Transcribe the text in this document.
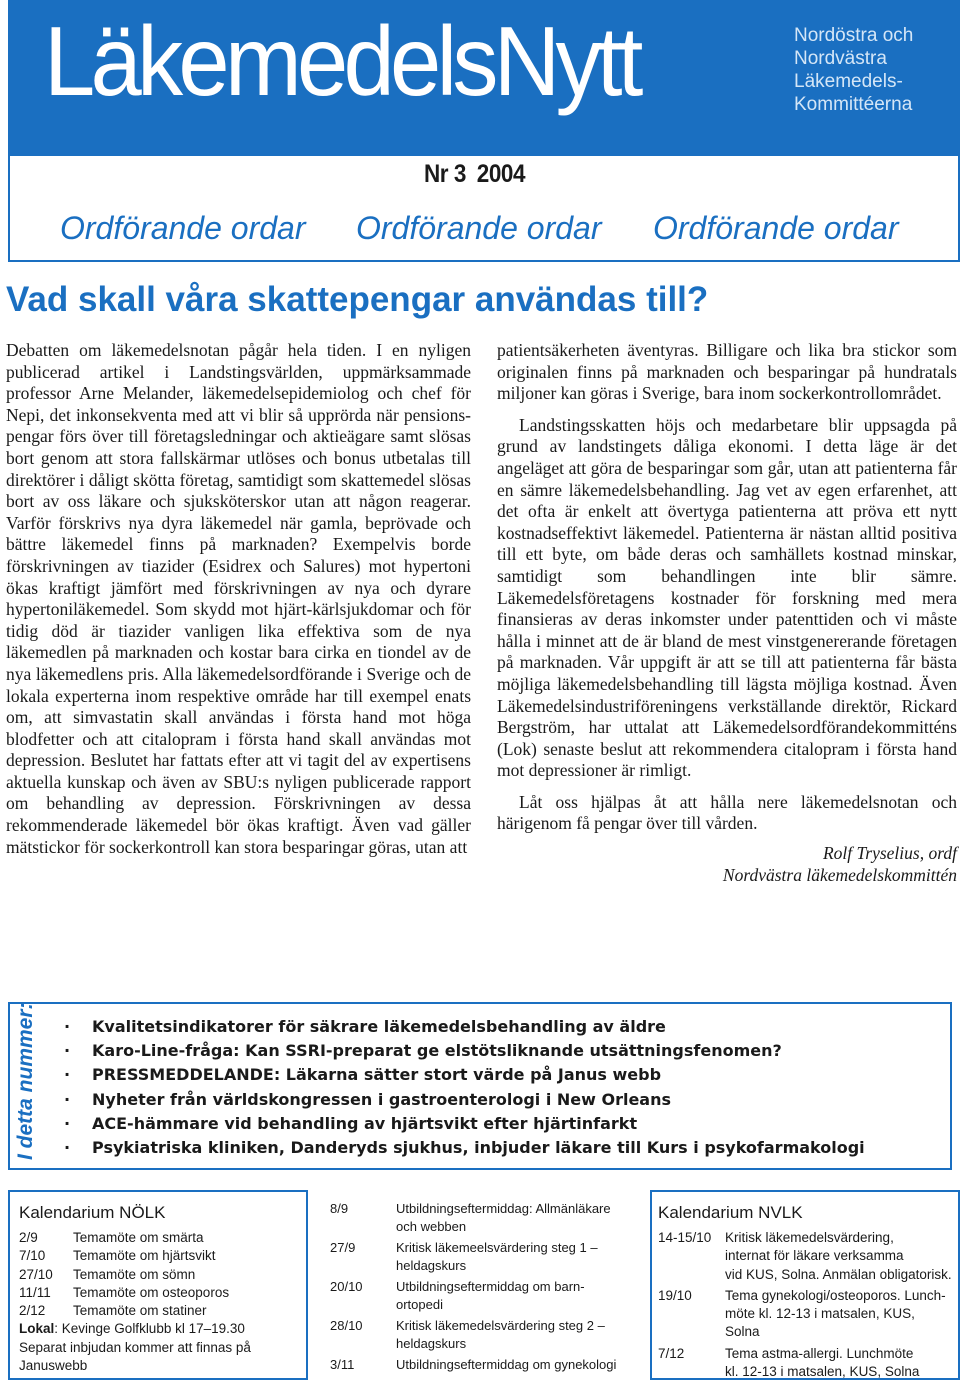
LäkemedelsNytt	Nordöstra och
Nordvästra
Läkemedels-
Kommittéerna
Nr 3 2004
Ordförande ordar Ordförande ordar Ordförande ordar
Vad skall våra skattepengar användas till?

Debatten om läkemedelsnotan pågår hela tiden. I en nyligen publicerad artikel i Landstingsvärlden, uppmärksammade professor Arne Melander, läkemedelsepidemiolog och chef för Nepi, det inkonsekventa med att vi blir så upprörda när pensionspengar förs över till företagsledningar och aktieägare samt slösas bort genom att stora fallskärmar utlöses och bonus utbetalas till direktörer i dåligt skötta företag, samtidigt som skattemedel slösas bort av oss läkare och sjuksköterskor utan att någon reagerar. Varför förskrivs nya dyra läkemedel när gamla, beprövade och bättre läkemedel finns på marknaden? Exempelvis borde förskrivningen av tiazider (Esidrex och Salures) mot hypertoni ökas kraftigt jämfört med förskrivningen av nya och dyrare hypertoniläkemedel. Som skydd mot hjärt-kärlsjukdomar och för tidig död är tiazider vanligen lika effektiva som de nya läkemedlen på marknaden och kostar bara cirka en tiondel av de nya läkemedlens pris. Alla läkemedelsordförande i Sverige och de lokala experterna inom respektive område har till exempel enats om, att simvastatin skall användas i första hand mot höga blodfetter och att citalopram i första hand skall användas mot depression. Beslutet har fattats efter att vi tagit del av expertisens aktuella kunskap och även av SBU:s nyligen publicerade rapport om behandling av depression. Förskrivningen av dessa rekommenderade läkemedel bör ökas kraftigt. Även vad gäller mätstickor för sockerkontroll kan stora besparingar göras, utan att

patientsäkerheten äventyras. Billigare och lika bra stickor som originalen finns på marknaden och besparingar på hundratals miljoner kan göras i Sverige, bara inom sockerkontrollområdet.

Landstingsskatten höjs och medarbetare blir uppsagda på grund av landstingets dåliga ekonomi. I detta läge är det angeläget att göra de besparingar som går, utan att patienterna får en sämre läkemedelsbehandling. Jag vet av egen erfarenhet, att det ofta är enkelt att övertyga patienterna att pröva ett nytt kostnadseffektivt läkemedel. Patienterna är nästan alltid positiva till ett byte, om både deras och samhällets kostnad minskar, samtidigt som behandlingen inte blir sämre. Läkemedelsföretagens kostnader för forskning med mera finansieras av deras inkomster under patenttiden och vi måste hålla i minnet att de är bland de mest vinstgenererande företagen på marknaden. Vår uppgift är att se till att patienterna får bästa möjliga läkemedelsbehandling till lägsta möjliga kostnad. Även Läkemedelsindustriföreningens verkställande direktör, Rickard Bergström, har uttalat att Läkemedelsordförandekommitténs (Lok) senaste beslut att rekommendera citalopram i första hand mot depressioner är rimligt.

Låt oss hjälpas åt att hålla nere läkemedelsnotan och härigenom få pengar över till vården.

Rolf Tryselius, ordf
Nordvästra läkemedelskommittén
I detta nummer: · Kvalitetsindikatorer för säkrare läkemedelsbehandling av äldre
· Karo-Line-fråga: Kan SSRI-preparat ge elstötsliknande utsättningsfenomen?
· PRESSMEDDELANDE: Läkarna sätter stort värde på Janus webb
· Nyheter från världskongressen i gastroenterologi i New Orleans
· ACE-hämmare vid behandling av hjärtsvikt efter hjärtinfarkt
· Psykiatriska kliniken, Danderyds sjukhus, inbjuder läkare till Kurs i psykofarmakologi
Kalendarium NÖLK
2/9	Temamöte om smärta
7/10	Temamöte om hjärtsvikt
27/10	Temamöte om sömn
11/11	Temamöte om osteoporos
2/12	Temamöte om statiner
Lokal: Kevinge Golfklubb kl 17–19.30
Separat inbjudan kommer att finnas på
Januswebb
8/9	Utbildningseftermiddag: Allmänläkare
och webben
27/9	Kritisk läkemeelsvärdering steg 1 –
heldagskurs
20/10	Utbildningseftermiddag om barn-
ortopedi
28/10	Kritisk läkemedelsvärdering steg 2 –
heldagskurs
3/11	Utbildningseftermiddag om gynekologi
Kalendarium NVLK
14-15/10	Kritisk läkemedelsvärdering,
internat för läkare verksamma
vid KUS, Solna. Anmälan obligatorisk.
19/10	Tema gynekologi/osteoporos. Lunch-
möte kl. 12-13 i matsalen, KUS,
Solna
7/12	Tema astma-allergi. Lunchmöte
kl. 12-13 i matsalen, KUS, Solna
